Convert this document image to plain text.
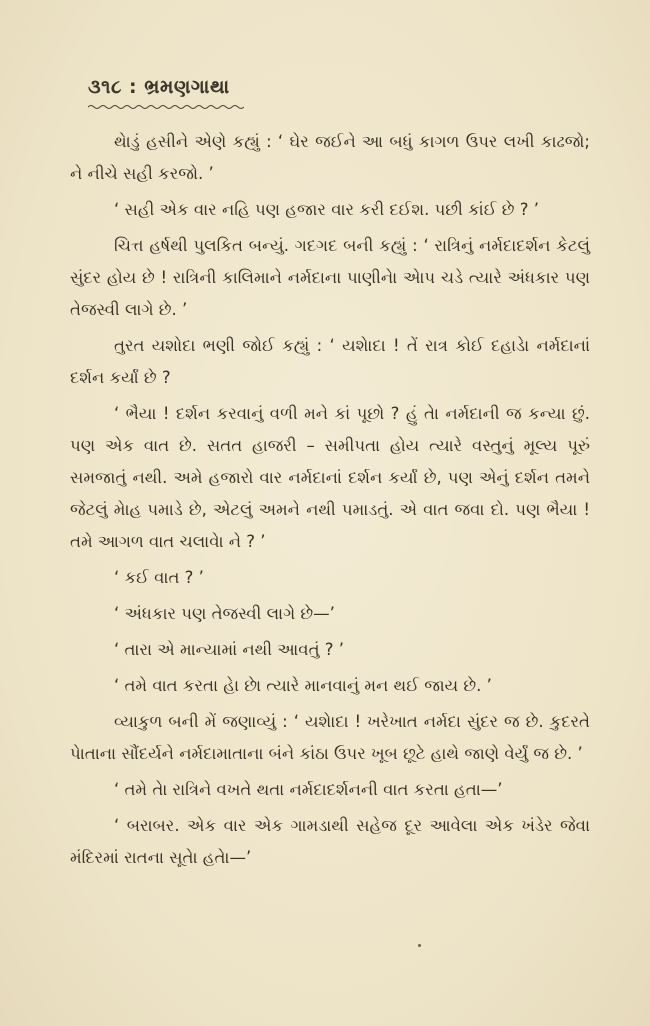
૩૧૮ : ભ્રમણગાથા

થેાડું હસીને એણે કહ્યું : ‘ ઘેર જઈને આ બધું કાગળ ઉપર લખી કાઢજો; ને નીચે સહી કરજો. ’

‘ સહી એક વાર નહિ પણ હજાર વાર કરી દઈશ. પછી કાંઈ છે ? ’

ચિત્ત હર્ષથી પુલકિત બન્યું. ગદગદ બની કહ્યું : ‘ રાત્રિનું નર્મદાદર્શન કેટલું સુંદર હોય છે ! રાત્રિની કાલિમાને નર્મદાના પાણીનેા એાપ ચડે ત્યારે અંધકાર પણ તેજસ્વી લાગે છે. ’

તુરત યશોદા ભણી જોઈ કહ્યું : ‘ યશેાદા ! તેં રાત્ર કોઈ દહાડેા નર્મદાનાં દર્શન કર્યાં છે ?

‘ ભૈયા ! દર્શન કરવાનું વળી મને કાં પૂછો ? હું તેા નર્મદાની જ કન્યા છું. પણ એક વાત છે. સતત હાજરી – સમીપતા હોય ત્યારે વસ્તુનું મૂલ્ય પૂરું સમજાતું નથી. અમે હજારો વાર નર્મદાનાં દર્શન કર્યાં છે, પણ એનું દર્શન તમને જેટલું મેાહ પમાડે છે, એટલું અમને નથી પમાડતું. એ વાત જવા દો. પણ ભૈયા ! તમે આગળ વાત ચલાવેા ને ? ’

‘ કઈ વાત ? ’

‘ અંધકાર પણ તેજસ્વી લાગે છે—’

‘ તારા એ માન્યામાં નથી આવતું ? ’

‘ તમે વાત કરતા હેા છેા ત્યારે માનવાનું મન થઈ જાય છે. ’

વ્યાકુળ બની મેં જણાવ્યું : ‘ યશેાદા ! ખરેખાત નર્મદા સુંદર જ છે. કુદરતે પેાતાના સૌંદર્યને નર્મદામાતાના બંને કાંઠા ઉપર ખૂબ છૂટે હાથે જાણે વેર્યું જ છે. ’

‘ તમે તેા રાત્રિને વખતે થતા નર્મદાદર્શનની વાત કરતા હતા—’

‘ બરાબર. એક વાર એક ગામડાથી સહેજ દૂર આવેલા એક ખંડેર જેવા મંદિરમાં રાતના સૂતેા હતેા—’
